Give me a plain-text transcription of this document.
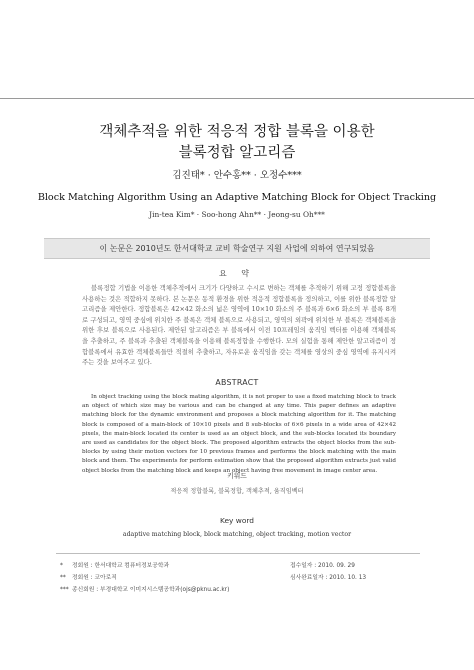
객체추적을 위한 적응적 정합 블록을 이용한
블록정합 알고리즘
김진태* · 안수홍** · 오정수***
Block Matching Algorithm Using an Adaptive Matching Block for Object Tracking
Jin-tea Kim* · Soo-hong Ahn** · Jeong-su Oh***
이 논문은 2010년도 한서대학교 교비 학술연구 지원 사업에 의하여 연구되었음
요 약

블록정합 기법을 이용한 객체추적에서 크기가 다양하고 수시로 변하는 객체를 추적하기 위해 고정 정합블록을 사용하는 것은 적합하지 못하다. 본 논문은 동적 환경을 위한 적응적 정합블록을 정의하고, 이를 위한 블록정합 알고리즘을 제안한다. 정합블록은 42×42 화소의 넓은 영역에 10×10 화소의 주 블록과 6×6 화소의 부 블록 8개로 구성되고, 영역 중심에 위치한 주 블록은 객체 블록으로 사용되고, 영역의 외곽에 위치한 부 블록은 객체블록을 위한 후보 블록으로 사용된다. 제안된 알고리즘은 부 블록에서 이전 10프레임의 움직임 벡터를 이용해 객체블록을 추출하고, 주 블록과 추출된 객체블록을 이용해 블록정합을 수행한다. 모의 실험을 통해 제안한 알고리즘이 정합블록에서 유효한 객체블록들만 적절히 추출하고, 자유로운 움직임을 갖는 객체를 영상의 중심 영역에 유지시켜 주는 것을 보여주고 있다.

ABSTRACT

In object tracking using the block mating algorithm, it is not proper to use a fixed matching block to track an object of which size may be various and can be changed at any time. This paper defines an adaptive matching block for the dynamic environment and proposes a block matching algorithm for it. The matching block is composed of a main-block of 10×10 pixels and 8 sub-blocks of 6×6 pixels in a wide area of 42×42 pixels, the main-block located its center is used as an object block, and the sub-blocks located its boundary are used as candidates for the object block. The proposed algorithm extracts the object blocks from the sub-blocks by using their motion vectors for 10 previous frames and performs the block matching with the main block and them. The experiments for perform estimation show that the proposed algorithm extracts just valid object blocks from the matching block and keeps an object having free movement in image center area.

키워드
적응적 정합블록, 블록정합, 객체추적, 움직임벡터
Key word
adaptive matching block, block matching, object tracking, motion vector
* 정회원 : 한서대학교 컴퓨터정보공학과
** 정회원 : 코아로직
*** 종신회원 : 부경대학교 이미지시스템공학과(ojs@pknu.ac.kr)
접수일자 : 2010. 09. 29
심사완료일자 : 2010. 10. 13
